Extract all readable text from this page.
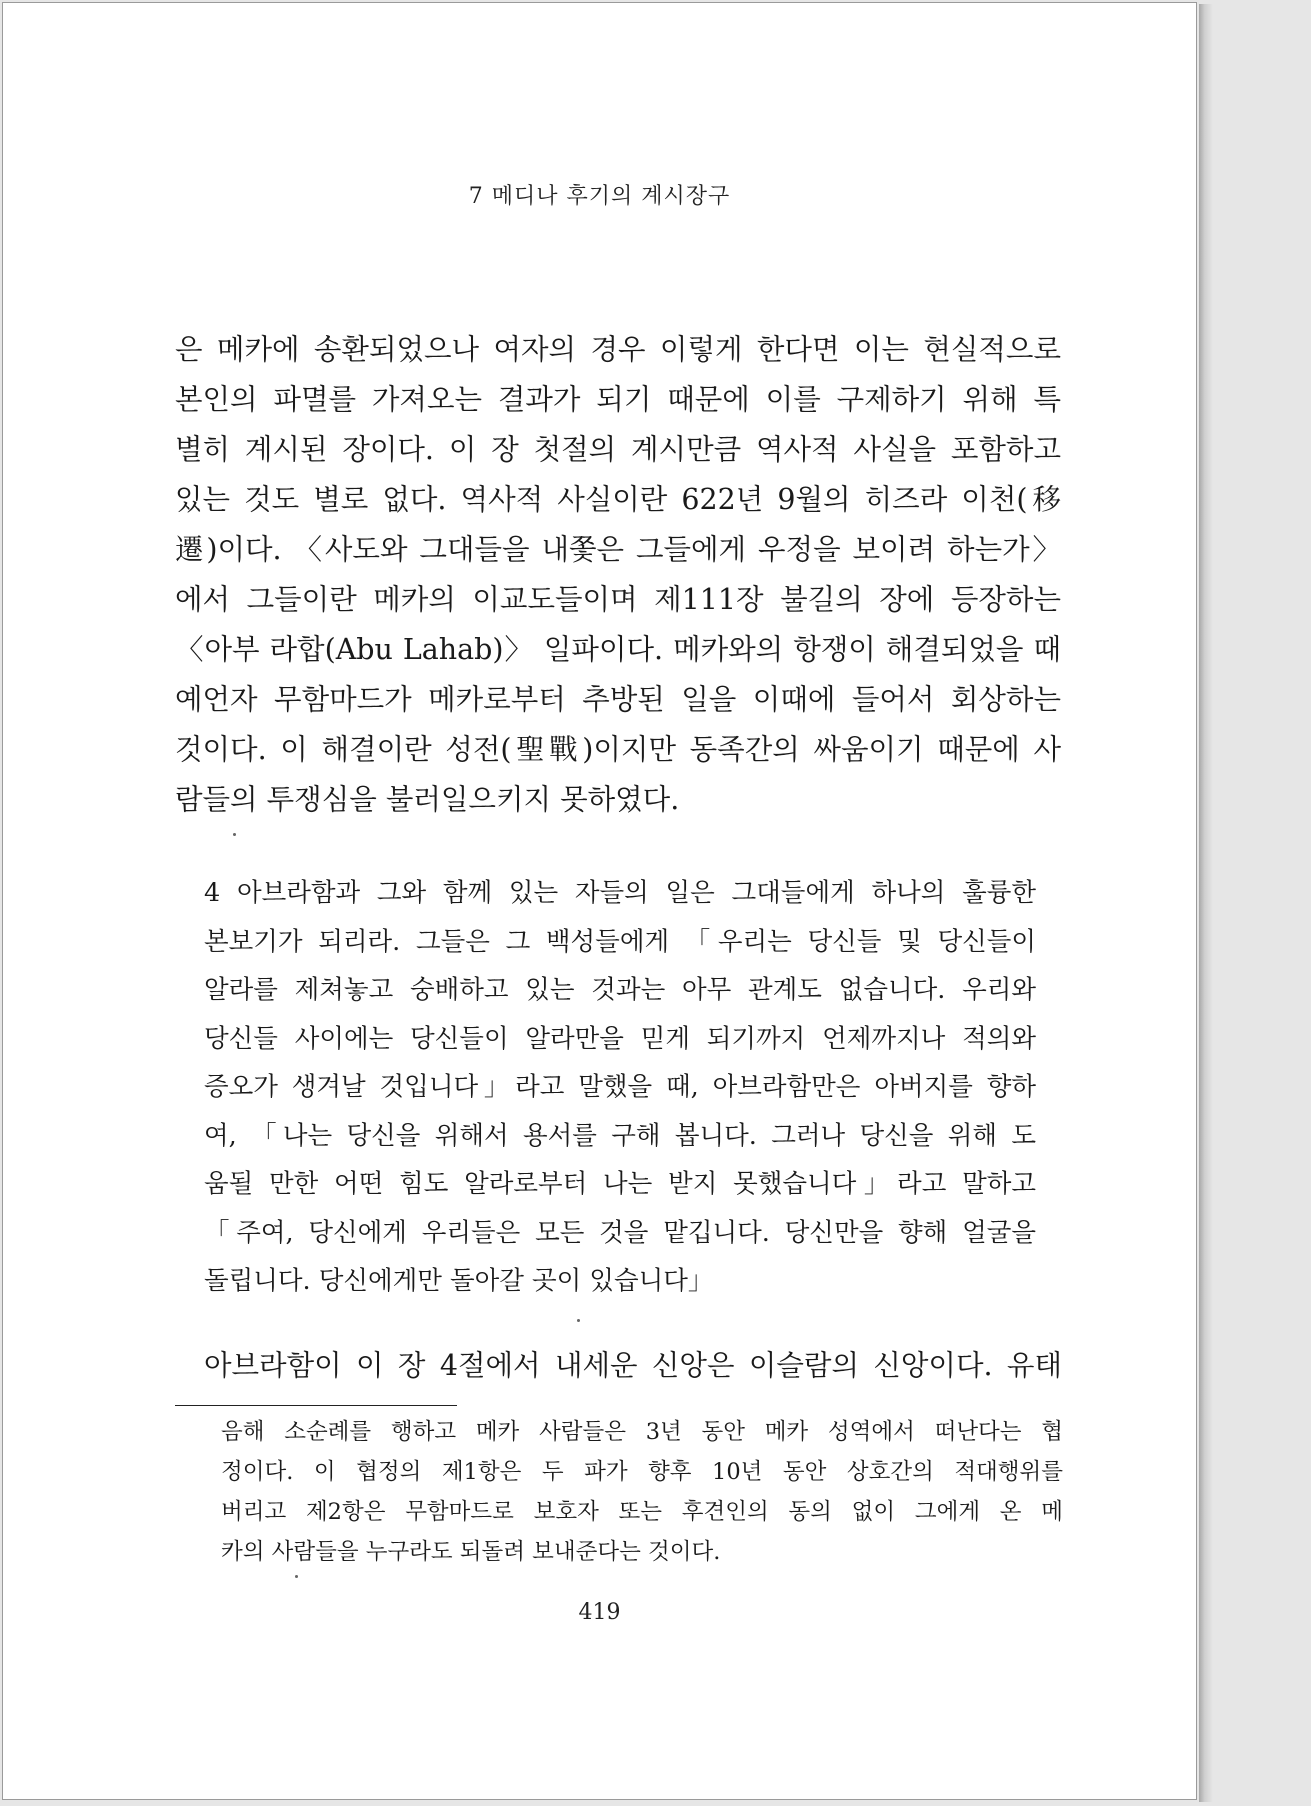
7 메디나 후기의 계시장구

은 메카에 송환되었으나 여자의 경우 이렇게 한다면 이는 현실적으로
본인의 파멸를 가져오는 결과가 되기 때문에 이를 구제하기 위해 특
별히 계시된 장이다. 이 장 첫절의 계시만큼 역사적 사실을 포함하고
있는 것도 별로 없다. 역사적 사실이란 622년 9월의 히즈라 이천(移
遷)이다. 〈사도와 그대들을 내쫓은 그들에게 우정을 보이려 하는가〉
에서 그들이란 메카의 이교도들이며 제111장 불길의 장에 등장하는
〈아부 라합(Abu Lahab)〉 일파이다. 메카와의 항쟁이 해결되었을 때
예언자 무함마드가 메카로부터 추방된 일을 이때에 들어서 회상하는
것이다. 이 해결이란 성전(聖戰)이지만 동족간의 싸움이기 때문에 사
람들의 투쟁심을 불러일으키지 못하였다.

4 아브라함과 그와 함께 있는 자들의 일은 그대들에게 하나의 훌륭한
본보기가 되리라. 그들은 그 백성들에게 「우리는 당신들 및 당신들이
알라를 제쳐놓고 숭배하고 있는 것과는 아무 관계도 없습니다. 우리와
당신들 사이에는 당신들이 알라만을 믿게 되기까지 언제까지나 적의와
증오가 생겨날 것입니다」라고 말했을 때, 아브라함만은 아버지를 향하
여, 「나는 당신을 위해서 용서를 구해 봅니다. 그러나 당신을 위해 도
움될 만한 어떤 힘도 알라로부터 나는 받지 못했습니다」라고 말하고
「주여, 당신에게 우리들은 모든 것을 맡깁니다. 당신만을 향해 얼굴을
돌립니다. 당신에게만 돌아갈 곳이 있습니다」

아브라함이 이 장 4절에서 내세운 신앙은 이슬람의 신앙이다. 유태

음해 소순례를 행하고 메카 사람들은 3년 동안 메카 성역에서 떠난다는 협
정이다. 이 협정의 제1항은 두 파가 향후 10년 동안 상호간의 적대행위를
버리고 제2항은 무함마드로 보호자 또는 후견인의 동의 없이 그에게 온 메
카의 사람들을 누구라도 되돌려 보내준다는 것이다.

419
